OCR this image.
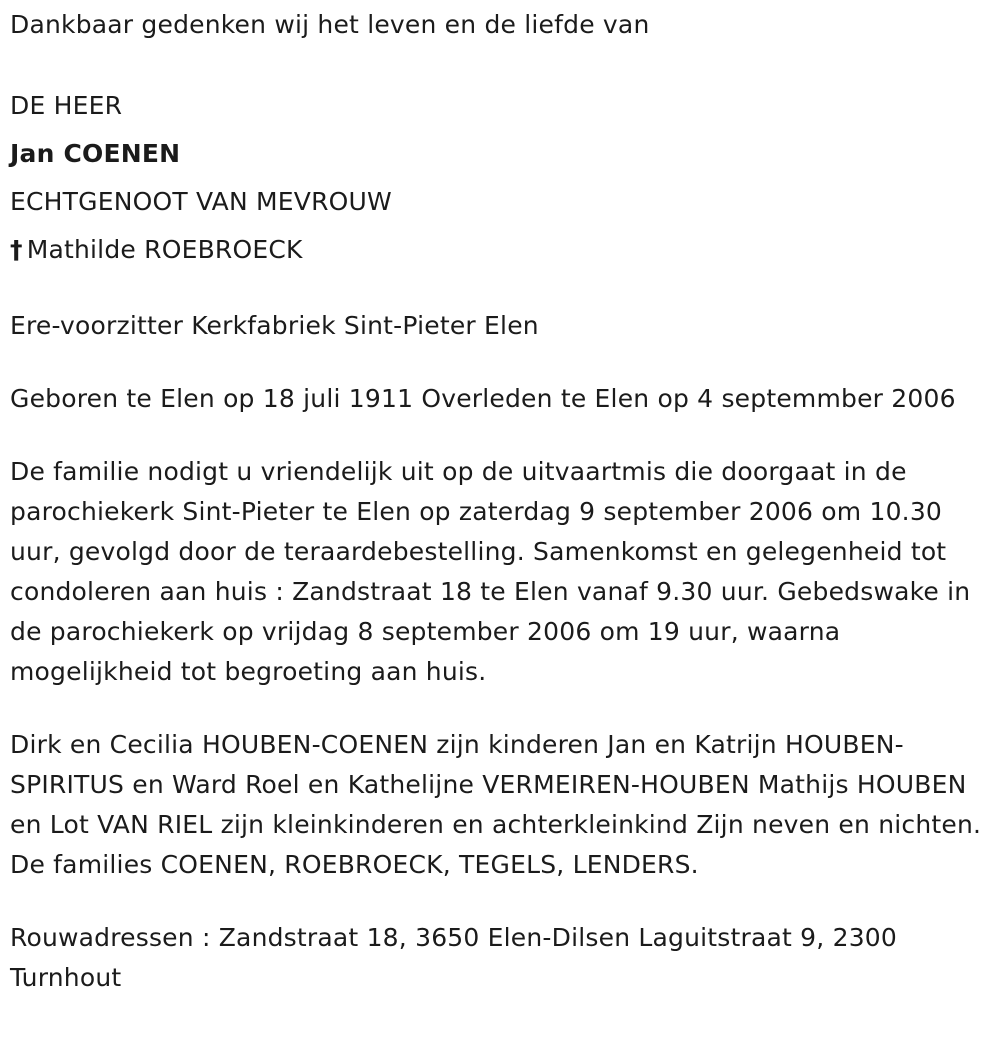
Dankbaar gedenken wij het leven en de liefde van
DE HEER
Jan COENEN
ECHTGENOOT VAN MEVROUW
† Mathilde ROEBROECK
Ere-voorzitter Kerkfabriek Sint-Pieter Elen
Geboren te Elen op 18 juli 1911 Overleden te Elen op 4 septemmber 2006
De familie nodigt u vriendelijk uit op de uitvaartmis die doorgaat in de parochiekerk Sint-Pieter te Elen op zaterdag 9 september 2006 om 10.30 uur, gevolgd door de teraardebestelling. Samenkomst en gelegenheid tot condoleren aan huis : Zandstraat 18 te Elen vanaf 9.30 uur. Gebedswake in de parochiekerk op vrijdag 8 september 2006 om 19 uur, waarna mogelijkheid tot begroeting aan huis.
Dirk en Cecilia HOUBEN-COENEN zijn kinderen Jan en Katrijn HOUBEN-SPIRITUS en Ward Roel en Kathelijne VERMEIREN-HOUBEN Mathijs HOUBEN en Lot VAN RIEL zijn kleinkinderen en achterkleinkind Zijn neven en nichten. De families COENEN, ROEBROECK, TEGELS, LENDERS.
Rouwadressen : Zandstraat 18, 3650 Elen-Dilsen Laguitstraat 9, 2300 Turnhout
